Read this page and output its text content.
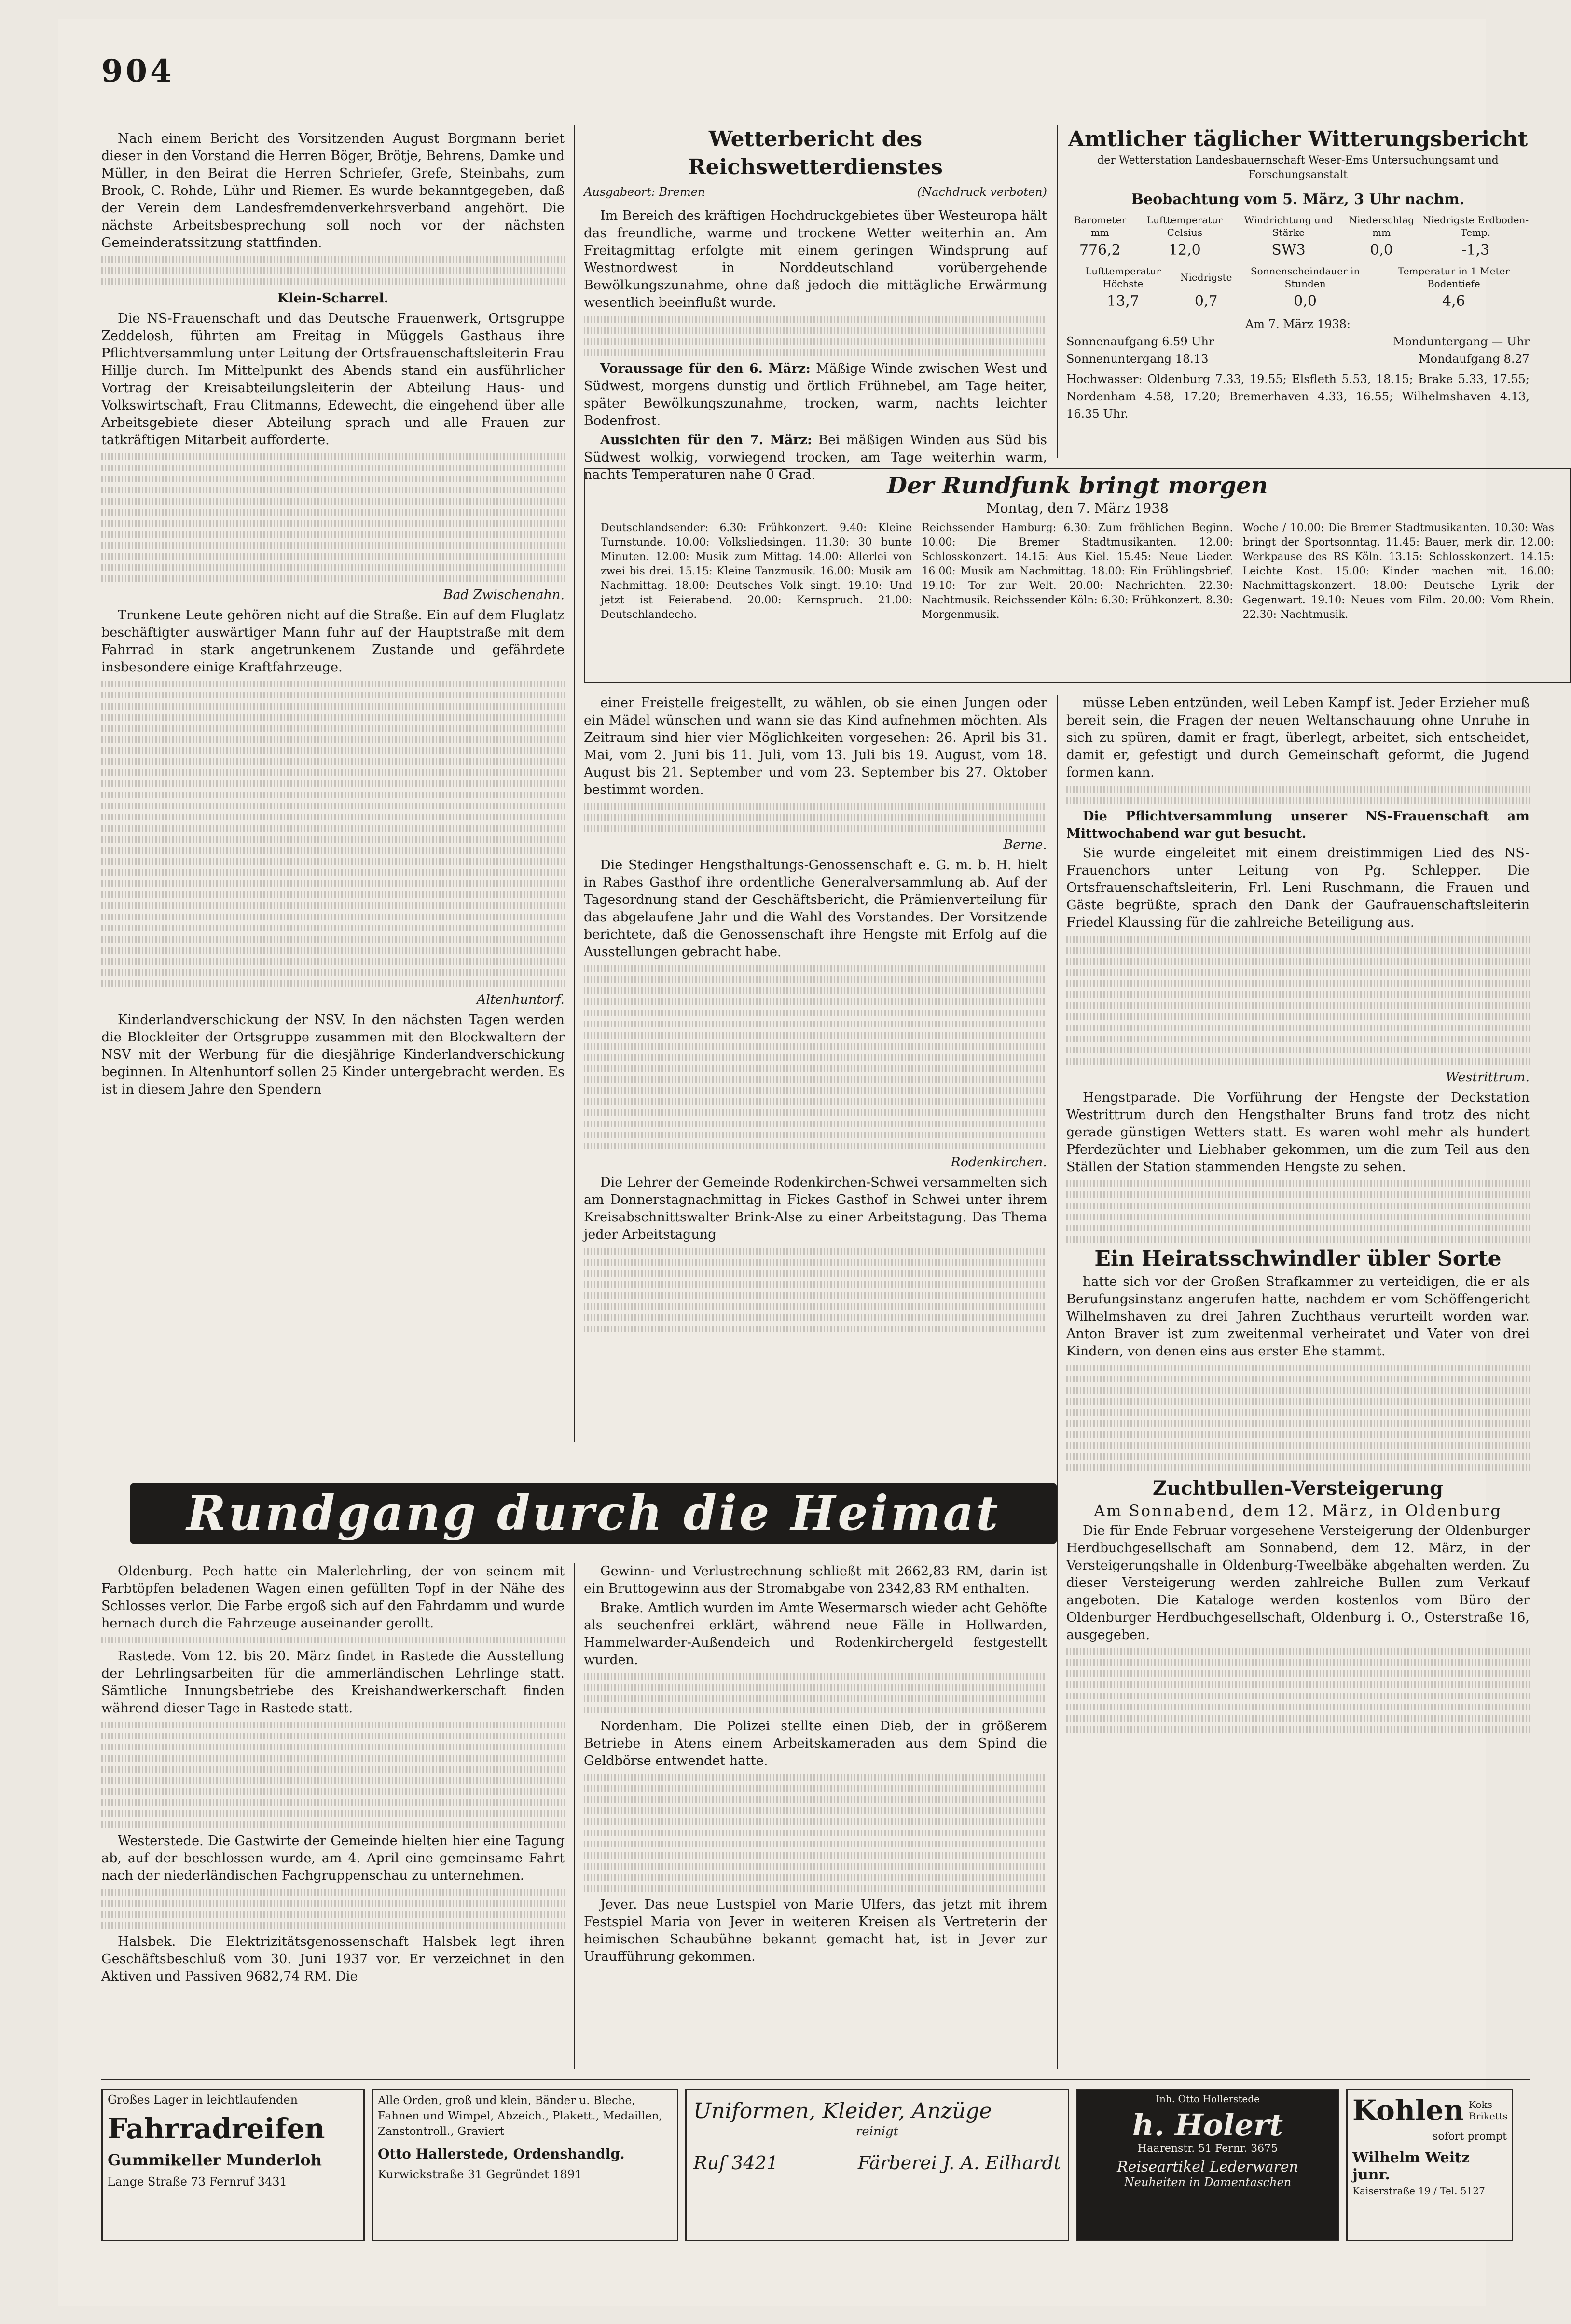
904

Nach einem Bericht des Vorsitzenden August Borgmann beriet dieser in den Vorstand die Herren Böger, Brötje, Behrens, Damke und Müller, in den Beirat die Herren Schriefer, Grefe, Steinbahs, zum Brook, C. Rohde, Lühr und Riemer. Es wurde bekanntgegeben, daß der Verein dem Landesfremdenverkehrsverband angehört. Die nächste Arbeitsbesprechung soll noch vor der nächsten Gemeinderatssitzung stattfinden.

Klein-Scharrel.

Die NS-Frauenschaft und das Deutsche Frauenwerk, Ortsgruppe Zeddelosh, führten am Freitag in Müggels Gasthaus ihre Pflichtversammlung unter Leitung der Ortsfrauenschaftsleiterin Frau Hillje durch. Im Mittelpunkt des Abends stand ein ausführlicher Vortrag der Kreisabteilungsleiterin der Abteilung Haus- und Volkswirtschaft, Frau Clitmanns, Edewecht, die eingehend über alle Arbeitsgebiete dieser Abteilung sprach und alle Frauen zur tatkräftigen Mitarbeit aufforderte.

Bad Zwischenahn.

Trunkene Leute gehören nicht auf die Straße. Ein auf dem Fluglatz beschäftigter auswärtiger Mann fuhr auf der Hauptstraße mit dem Fahrrad in stark angetrunkenem Zustande und gefährdete insbesondere einige Kraftfahrzeuge.

Altenhuntorf.

Kinderlandverschickung der NSV. In den nächsten Tagen werden die Blockleiter der Ortsgruppe zusammen mit den Blockwaltern der NSV mit der Werbung für die diesjährige Kinderlandverschickung beginnen. In Altenhuntorf sollen 25 Kinder untergebracht werden. Es ist in diesem Jahre den Spendern

Wetterbericht des Reichswetterdienstes
Ausgabeort: Bremen	(Nachdruck verboten)

Im Bereich des kräftigen Hochdruckgebietes über Westeuropa hält das freundliche, warme und trockene Wetter weiterhin an. Am Freitagmittag erfolgte mit einem geringen Windsprung auf Westnordwest in Norddeutschland vorübergehende Bewölkungszunahme, ohne daß jedoch die mittägliche Erwärmung wesentlich beeinflußt wurde.

Voraussage für den 6. März: Mäßige Winde zwischen West und Südwest, morgens dunstig und örtlich Frühnebel, am Tage heiter, später Bewölkungszunahme, trocken, warm, nachts leichter Bodenfrost.

Aussichten für den 7. März: Bei mäßigen Winden aus Süd bis Südwest wolkig, vorwiegend trocken, am Tage weiterhin warm, nachts Temperaturen nahe 0 Grad.

Amtlicher täglicher Witterungsbericht
der Wetterstation Landesbauernschaft Weser-Ems Untersuchungsamt und Forschungsanstalt
Beobachtung vom 5. März, 3 Uhr nachm.
Barometer mm	Lufttemperatur Celsius	Windrichtung und Stärke	Niederschlag mm	Niedrigste Erdboden-Temp.
776,2	12,0	SW3	0,0	-1,3
Lufttemperatur Höchste	Niedrigste	Sonnenscheindauer in Stunden	Temperatur in 1 Meter Bodentiefe
13,7	0,7	0,0	4,6
Am 7. März 1938:
Sonnenaufgang 6.59 Uhr	Monduntergang — Uhr
Sonnenuntergang 18.13	Mondaufgang 8.27
Hochwasser: Oldenburg 7.33, 19.55; Elsfleth 5.53, 18.15; Brake 5.33, 17.55; Nordenham 4.58, 17.20; Bremerhaven 4.33, 16.55; Wilhelmshaven 4.13, 16.35 Uhr.
Der Rundfunk bringt morgen
Montag, den 7. März 1938
Deutschlandsender: 6.30: Frühkonzert. 9.40: Kleine Turnstunde. 10.00: Volksliedsingen. 11.30: 30 bunte Minuten. 12.00: Musik zum Mittag. 14.00: Allerlei von zwei bis drei. 15.15: Kleine Tanzmusik. 16.00: Musik am Nachmittag. 18.00: Deutsches Volk singt. 19.10: Und jetzt ist Feierabend. 20.00: Kernspruch. 21.00: Deutschlandecho.
Reichssender Hamburg: 6.30: Zum fröhlichen Beginn. 10.00: Die Bremer Stadtmusikanten. 12.00: Schlosskonzert. 14.15: Aus Kiel. 15.45: Neue Lieder. 16.00: Musik am Nachmittag. 18.00: Ein Frühlingsbrief. 19.10: Tor zur Welt. 20.00: Nachrichten. 22.30: Nachtmusik. Reichssender Köln: 6.30: Frühkonzert. 8.30: Morgenmusik.
Woche / 10.00: Die Bremer Stadtmusikanten. 10.30: Was bringt der Sportsonntag. 11.45: Bauer, merk dir. 12.00: Werkpause des RS Köln. 13.15: Schlosskonzert. 14.15: Leichte Kost. 15.00: Kinder machen mit. 16.00: Nachmittagskonzert. 18.00: Deutsche Lyrik der Gegenwart. 19.10: Neues vom Film. 20.00: Vom Rhein. 22.30: Nachtmusik.

einer Freistelle freigestellt, zu wählen, ob sie einen Jungen oder ein Mädel wünschen und wann sie das Kind aufnehmen möchten. Als Zeitraum sind hier vier Möglichkeiten vorgesehen: 26. April bis 31. Mai, vom 2. Juni bis 11. Juli, vom 13. Juli bis 19. August, vom 18. August bis 21. September und vom 23. September bis 27. Oktober bestimmt worden.

Berne.

Die Stedinger Hengsthaltungs-Genossenschaft e. G. m. b. H. hielt in Rabes Gasthof ihre ordentliche Generalversammlung ab. Auf der Tagesordnung stand der Geschäftsbericht, die Prämienverteilung für das abgelaufene Jahr und die Wahl des Vorstandes. Der Vorsitzende berichtete, daß die Genossenschaft ihre Hengste mit Erfolg auf die Ausstellungen gebracht habe.

Rodenkirchen.

Die Lehrer der Gemeinde Rodenkirchen-Schwei versammelten sich am Donnerstagnachmittag in Fickes Gasthof in Schwei unter ihrem Kreisabschnittswalter Brink-Alse zu einer Arbeitstagung. Das Thema jeder Arbeitstagung

müsse Leben entzünden, weil Leben Kampf ist. Jeder Erzieher muß bereit sein, die Fragen der neuen Weltanschauung ohne Unruhe in sich zu spüren, damit er fragt, überlegt, arbeitet, sich entscheidet, damit er, gefestigt und durch Gemeinschaft geformt, die Jugend formen kann.

Die Pflichtversammlung unserer NS-Frauenschaft am Mittwochabend war gut besucht.

Sie wurde eingeleitet mit einem dreistimmigen Lied des NS-Frauenchors unter Leitung von Pg. Schlepper. Die Ortsfrauenschaftsleiterin, Frl. Leni Ruschmann, die Frauen und Gäste begrüßte, sprach den Dank der Gaufrauenschaftsleiterin Friedel Klaussing für die zahlreiche Beteiligung aus.

Westrittrum.

Hengstparade. Die Vorführung der Hengste der Deckstation Westrittrum durch den Hengsthalter Bruns fand trotz des nicht gerade günstigen Wetters statt. Es waren wohl mehr als hundert Pferdezüchter und Liebhaber gekommen, um die zum Teil aus den Ställen der Station stammenden Hengste zu sehen.

Ein Heiratsschwindler übler Sorte

hatte sich vor der Großen Strafkammer zu verteidigen, die er als Berufungsinstanz angerufen hatte, nachdem er vom Schöffengericht Wilhelmshaven zu drei Jahren Zuchthaus verurteilt worden war. Anton Braver ist zum zweitenmal verheiratet und Vater von drei Kindern, von denen eins aus erster Ehe stammt.

Zuchtbullen-Versteigerung
Am Sonnabend, dem 12. März, in Oldenburg

Die für Ende Februar vorgesehene Versteigerung der Oldenburger Herdbuchgesellschaft am Sonnabend, dem 12. März, in der Versteigerungshalle in Oldenburg-Tweelbäke abgehalten werden. Zu dieser Versteigerung werden zahlreiche Bullen zum Verkauf angeboten. Die Kataloge werden kostenlos vom Büro der Oldenburger Herdbuchgesellschaft, Oldenburg i. O., Osterstraße 16, ausgegeben.

Rundgang durch die Heimat

Oldenburg. Pech hatte ein Malerlehrling, der von seinem mit Farbtöpfen beladenen Wagen einen gefüllten Topf in der Nähe des Schlosses verlor. Die Farbe ergoß sich auf den Fahrdamm und wurde hernach durch die Fahrzeuge auseinander gerollt.

Rastede. Vom 12. bis 20. März findet in Rastede die Ausstellung der Lehrlingsarbeiten für die ammerländischen Lehrlinge statt. Sämtliche Innungsbetriebe des Kreishandwerkerschaft finden während dieser Tage in Rastede statt.

Westerstede. Die Gastwirte der Gemeinde hielten hier eine Tagung ab, auf der beschlossen wurde, am 4. April eine gemeinsame Fahrt nach der niederländischen Fachgruppenschau zu unternehmen.

Halsbek. Die Elektrizitätsgenossenschaft Halsbek legt ihren Geschäftsbeschluß vom 30. Juni 1937 vor. Er verzeichnet in den Aktiven und Passiven 9682,74 RM. Die

Gewinn- und Verlustrechnung schließt mit 2662,83 RM, darin ist ein Bruttogewinn aus der Stromabgabe von 2342,83 RM enthalten.

Brake. Amtlich wurden im Amte Wesermarsch wieder acht Gehöfte als seuchenfrei erklärt, während neue Fälle in Hollwarden, Hammelwarder-Außendeich und Rodenkirchergeld festgestellt wurden.

Nordenham. Die Polizei stellte einen Dieb, der in größerem Betriebe in Atens einem Arbeitskameraden aus dem Spind die Geldbörse entwendet hatte.

Jever. Das neue Lustspiel von Marie Ulfers, das jetzt mit ihrem Festspiel Maria von Jever in weiteren Kreisen als Vertreterin der heimischen Schaubühne bekannt gemacht hat, ist in Jever zur Uraufführung gekommen.

Großes Lager in leichtlaufenden
Fahrradreifen
Gummikeller Munderloh
Lange Straße 73 Fernruf 3431
Alle Orden, groß und klein, Bänder u. Bleche, Fahnen und Wimpel, Abzeich., Plakett., Medaillen, Zanstontroll., Graviert
Otto Hallerstede, Ordenshandlg.
Kurwickstraße 31 Gegründet 1891
Uniformen, Kleider, Anzüge
reinigt
Ruf 3421	Färberei J. A. Eilhardt
Inh. Otto Hollerstede
h. Holert
Haarenstr. 51 Fernr. 3675
Reiseartikel Lederwaren
Neuheiten in Damentaschen
Kohlen Koks Briketts
sofort prompt
Wilhelm Weitz junr.
Kaiserstraße 19 / Tel. 5127
